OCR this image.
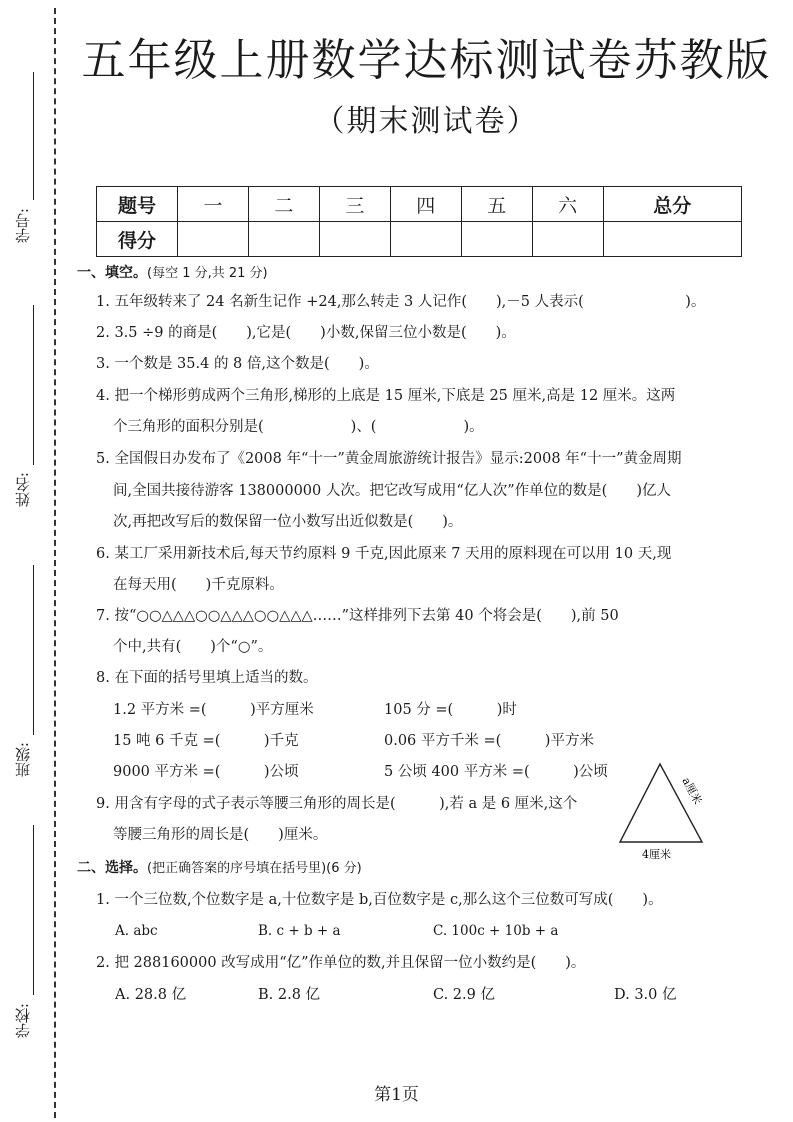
学号:
姓名:
班级:
学校:
五年级上册数学达标测试卷苏教版
（期末测试卷）
题号	一	二	三	四	五	六	总分
得分							
一、填空。(每空 1 分,共 21 分)
1. 五年级转来了 24 名新生记作 +24,那么转走 3 人记作(　　),－5 人表示(　　　　　　　)。
2. 3.5 ÷9 的商是(　　),它是(　　)小数,保留三位小数是(　　)。
3. 一个数是 35.4 的 8 倍,这个数是(　　)。
4. 把一个梯形剪成两个三角形,梯形的上底是 15 厘米,下底是 25 厘米,高是 12 厘米。这两
个三角形的面积分别是(　　　　　　)、(　　　　　　)。
5. 全国假日办发布了《2008 年“十一”黄金周旅游统计报告》显示:2008 年“十一”黄金周期
间,全国共接待游客 138000000 人次。把它改写成用“亿人次”作单位的数是(　　)亿人
次,再把改写后的数保留一位小数写出近似数是(　　)。
6. 某工厂采用新技术后,每天节约原料 9 千克,因此原来 7 天用的原料现在可以用 10 天,现
在每天用(　　)千克原料。
7. 按“○○△△△○○△△△○○△△△……”这样排列下去第 40 个将会是(　　),前 50
个中,共有(　　)个“○”。
8. 在下面的括号里填上适当的数。
1.2 平方米 =(　　　)平方厘米	105 分 =(　　　)时
15 吨 6 千克 =(　　　)千克	0.06 平方千米 =(　　　)平方米
9000 平方米 =(　　　)公顷	5 公顷 400 平方米 =(　　　)公顷
9. 用含有字母的式子表示等腰三角形的周长是(　　　),若 a 是 6 厘米,这个
等腰三角形的周长是(　　)厘米。
a厘米
4厘米
二、选择。(把正确答案的序号填在括号里)(6 分)
1. 一个三位数,个位数字是 a,十位数字是 b,百位数字是 c,那么这个三位数可写成(　　)。
A. abc	B. c + b + a	C. 100c + 10b + a
2. 把 288160000 改写成用“亿”作单位的数,并且保留一位小数约是(　　)。
A. 28.8 亿	B. 2.8 亿	C. 2.9 亿	D. 3.0 亿
第1页
